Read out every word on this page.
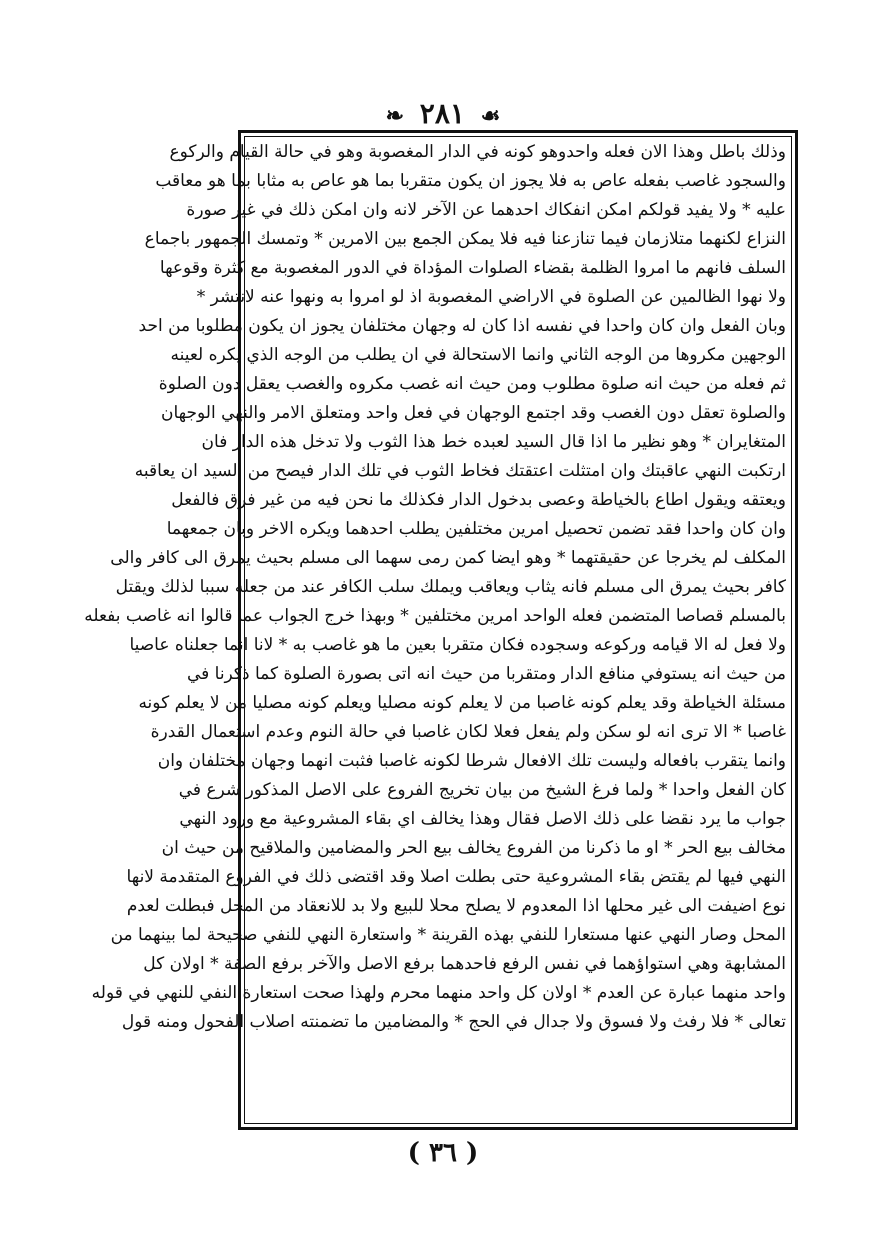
❧ ٢٨١ ☙
وذلك باطل وهذا الان فعله واحدوهو كونه في الدار المغصوبة وهو في حالة القيام والركوع
والسجود غاصب بفعله عاص به فلا يجوز ان يكون متقربا بما هو عاص به مثابا بما هو معاقب
عليه * ولا يفيد قولكم امكن انفكاك احدهما عن الآخر لانه وان امكن ذلك في غير صورة
النزاع لكنهما متلازمان فيما تنازعنا فيه فلا يمكن الجمع بين الامرين * وتمسك الجمهور باجماع
السلف فانهم ما امروا الظلمة بقضاء الصلوات المؤداة في الدور المغصوبة مع كثرة وقوعها
ولا نهوا الظالمين عن الصلوة في الاراضي المغصوبة اذ لو امروا به ونهوا عنه لانتشر *
وبان الفعل وان كان واحدا في نفسه اذا كان له وجهان مختلفان يجوز ان يكون مطلوبا من احد
الوجهين مكروها من الوجه الثاني وانما الاستحالة في ان يطلب من الوجه الذي يكره لعينه
ثم فعله من حيث انه صلوة مطلوب ومن حيث انه غصب مكروه والغصب يعقل دون الصلوة
والصلوة تعقل دون الغصب وقد اجتمع الوجهان في فعل واحد ومتعلق الامر والنهي الوجهان
المتغايران * وهو نظير ما اذا قال السيد لعبده خط هذا الثوب ولا تدخل هذه الدار فان
ارتكبت النهي عاقبتك وان امتثلت اعتقتك فخاط الثوب في تلك الدار فيصح من السيد ان يعاقبه
ويعتقه ويقول اطاع بالخياطة وعصى بدخول الدار فكذلك ما نحن فيه من غير فرق فالفعل
وان كان واحدا فقد تضمن تحصيل امرين مختلفين يطلب احدهما ويكره الاخر وبان جمعهما
المكلف لم يخرجا عن حقيقتهما * وهو ايضا كمن رمى سهما الى مسلم بحيث يمرق الى كافر والى
كافر بحيث يمرق الى مسلم فانه يثاب ويعاقب ويملك سلب الكافر عند من جعله سببا لذلك ويقتل
بالمسلم قصاصا المتضمن فعله الواحد امرين مختلفين * وبهذا خرج الجواب عما قالوا انه غاصب بفعله
ولا فعل له الا قيامه وركوعه وسجوده فكان متقربا بعين ما هو غاصب به * لانا انما جعلناه عاصيا
من حيث انه يستوفي منافع الدار ومتقربا من حيث انه اتى بصورة الصلوة كما ذكرنا في
مسئلة الخياطة وقد يعلم كونه غاصبا من لا يعلم كونه مصليا ويعلم كونه مصليا من لا يعلم كونه
غاصبا * الا ترى انه لو سكن ولم يفعل فعلا لكان غاصبا في حالة النوم وعدم استعمال القدرة
وانما يتقرب بافعاله وليست تلك الافعال شرطا لكونه غاصبا فثبت انهما وجهان مختلفان وان
كان الفعل واحدا * ولما فرغ الشيخ من بيان تخريج الفروع على الاصل المذكور شرع في
جواب ما يرد نقضا على ذلك الاصل فقال وهذا يخالف اي بقاء المشروعية مع ورود النهي
مخالف بيع الحر * او ما ذكرنا من الفروع يخالف بيع الحر والمضامين والملاقيح من حيث ان
النهي فيها لم يقتض بقاء المشروعية حتى بطلت اصلا وقد اقتضى ذلك في الفروع المتقدمة لانها
نوع اضيفت الى غير محلها اذا المعدوم لا يصلح محلا للبيع ولا بد للانعقاد من المحل فبطلت لعدم
المحل وصار النهي عنها مستعارا للنفي بهذه القرينة * واستعارة النهي للنفي صحيحة لما بينهما من
المشابهة وهي استواؤهما في نفس الرفع فاحدهما برفع الاصل والآخر برفع الصفة * اولان كل
واحد منهما عبارة عن العدم * اولان كل واحد منهما محرم ولهذا صحت استعارة النفي للنهي في قوله
تعالى * فلا رفث ولا فسوق ولا جدال في الحج * والمضامين ما تضمنته اصلاب الفحول ومنه قول
( ٣٦ )
